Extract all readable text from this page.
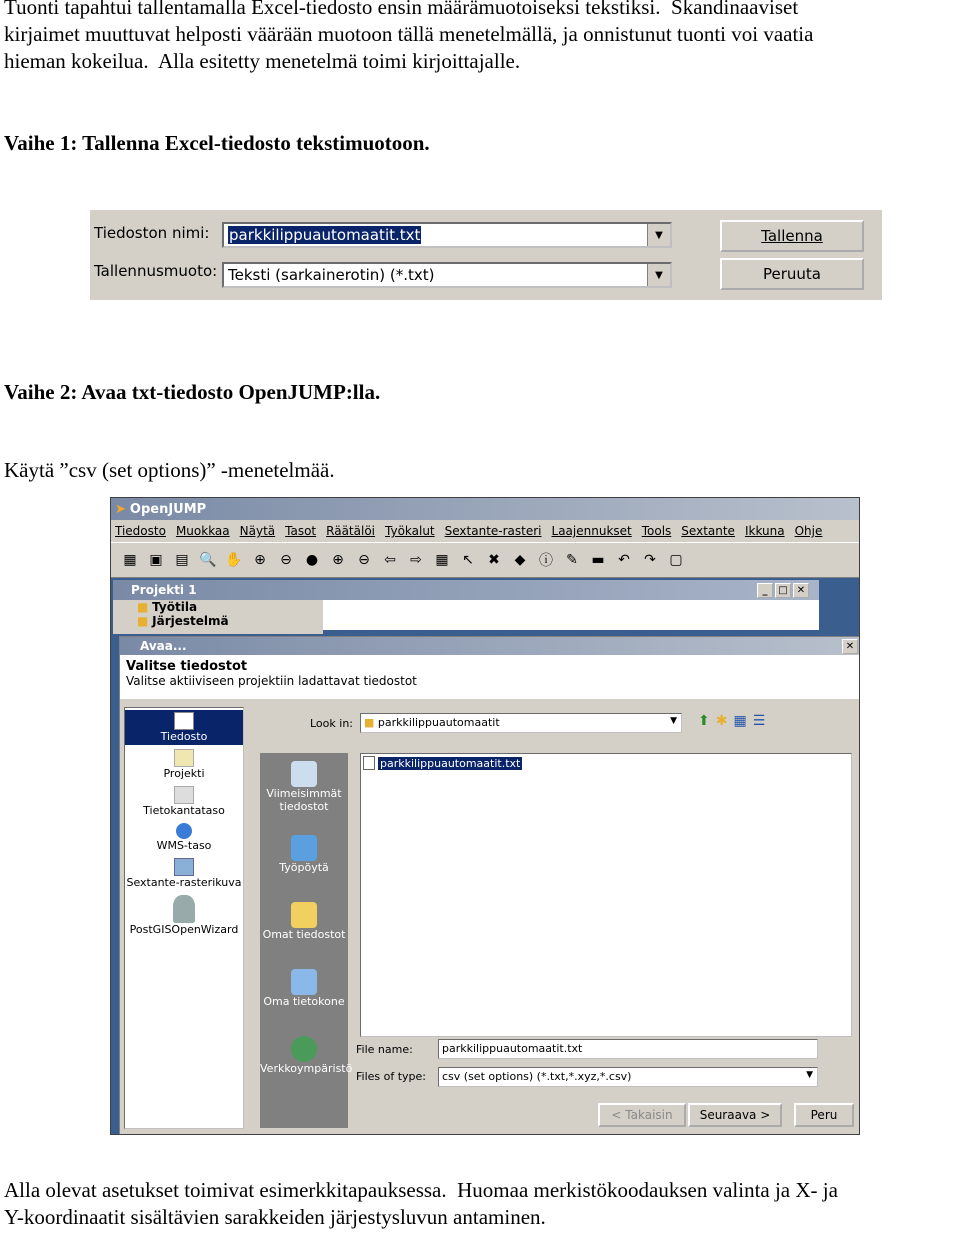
Tuonti tapahtui tallentamalla Excel-tiedosto ensin määrämuotoiseksi tekstiksi.  Skandinaaviset
kirjaimet muuttuvat helposti väärään muotoon tällä menetelmällä, ja onnistunut tuonti voi vaatia
hieman kokeilua.  Alla esitetty menetelmä toimi kirjoittajalle.
Vaihe 1: Tallenna Excel-tiedosto tekstimuotoon.
Tiedoston nimi:	parkkilippuautomaatit.txt	▼
Tallennusmuoto: Teksti (sarkainerotin) (*.txt)	▼
Tallenna
Peruuta
Vaihe 2: Avaa txt-tiedosto OpenJUMP:lla.
Käytä ”csv (set options)” -menetelmää.
➤ OpenJUMP
Tiedosto Muokkaa Näytä Tasot Räätälöi Työkalut Sextante-rasteri Laajennukset Tools Sextante Ikkuna Ohje
▦ ▣ ▤ 🔍 ✋ ⊕	⊖	●	⊕	⊖	⇦	⇨ ▦ ↖	✖	◆ ⓘ ✎ ▬ ↶	↷ ▢
Projekti 1	_	□ ✕
■ Työtila
■ Järjestelmä
Avaa...	✕
Valitse tiedostot
Valitse aktiiviseen projektiin ladattavat tiedostot
Tiedosto
Projekti
Tietokantataso
WMS-taso
Sextante-rasterikuva
PostGISOpenWizard
Look in:	■ parkkilippuautomaatit	▼ ⬆ ✱ ▦ ☰
Viimeisimmät tiedostot
Työpöytä
Omat tiedostot
Oma tietokone
Verkkoympäristö
parkkilippuautomaatit.txt
File name:	parkkilippuautomaatit.txt
Files of type:	csv (set options) (*.txt,*.xyz,*.csv)	▼
< Takaisin	Seuraava >	Peru
Alla olevat asetukset toimivat esimerkkitapauksessa.  Huomaa merkistökoodauksen valinta ja X- ja
Y-koordinaatit sisältävien sarakkeiden järjestysluvun antaminen.
